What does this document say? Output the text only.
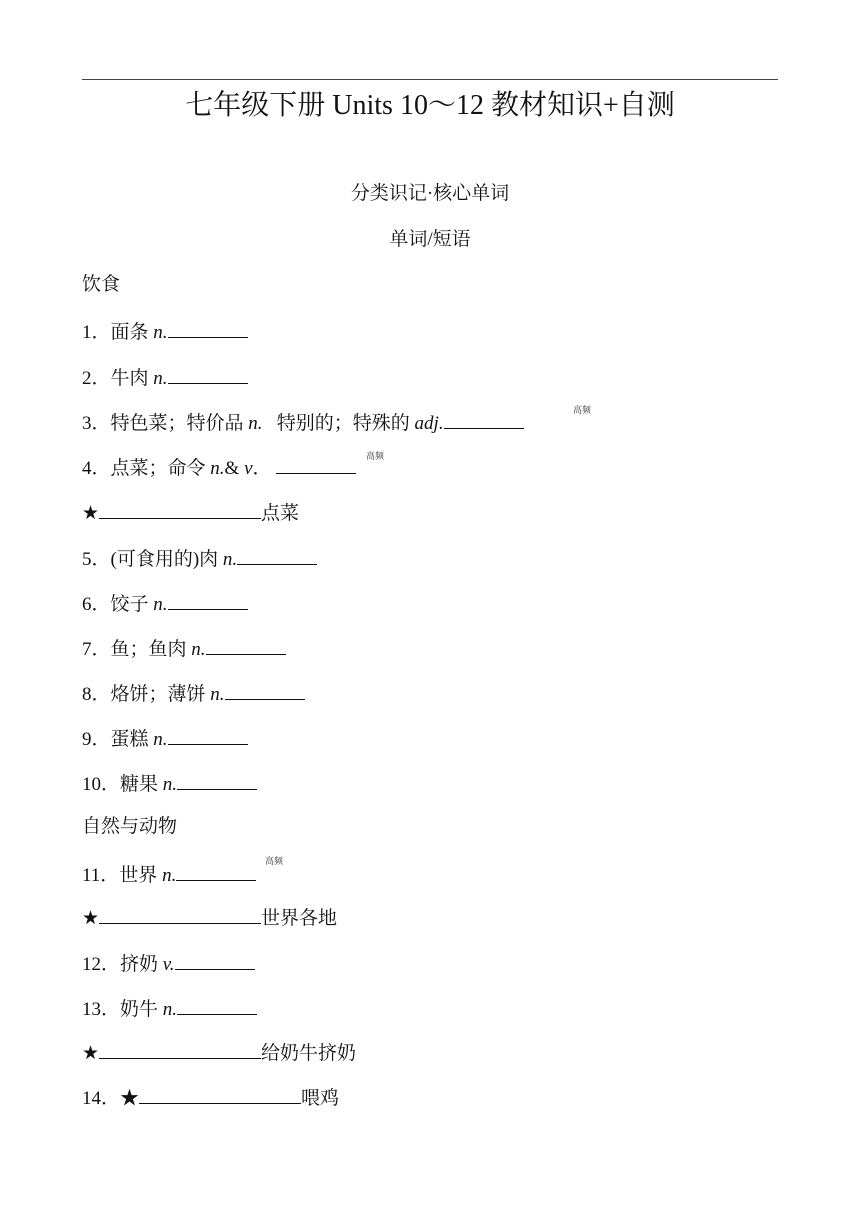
七年级下册 Units 10～12 教材知识+自测
分类识记·核心单词
单词/短语
饮食
1．面条 n.
2．牛肉 n.
3．特色菜；特价品 n.   特别的；特殊的 adj.
高频
4．点菜；命令 n.& v．
高频
★	点菜
5．(可食用的)肉 n.
6．饺子 n.
7．鱼；鱼肉 n.
8．烙饼；薄饼 n.
9．蛋糕 n.
10．糖果 n.
自然与动物
11．世界 n.
高频
★	世界各地
12．挤奶 v.
13．奶牛 n.
★	给奶牛挤奶
14．★	喂鸡
